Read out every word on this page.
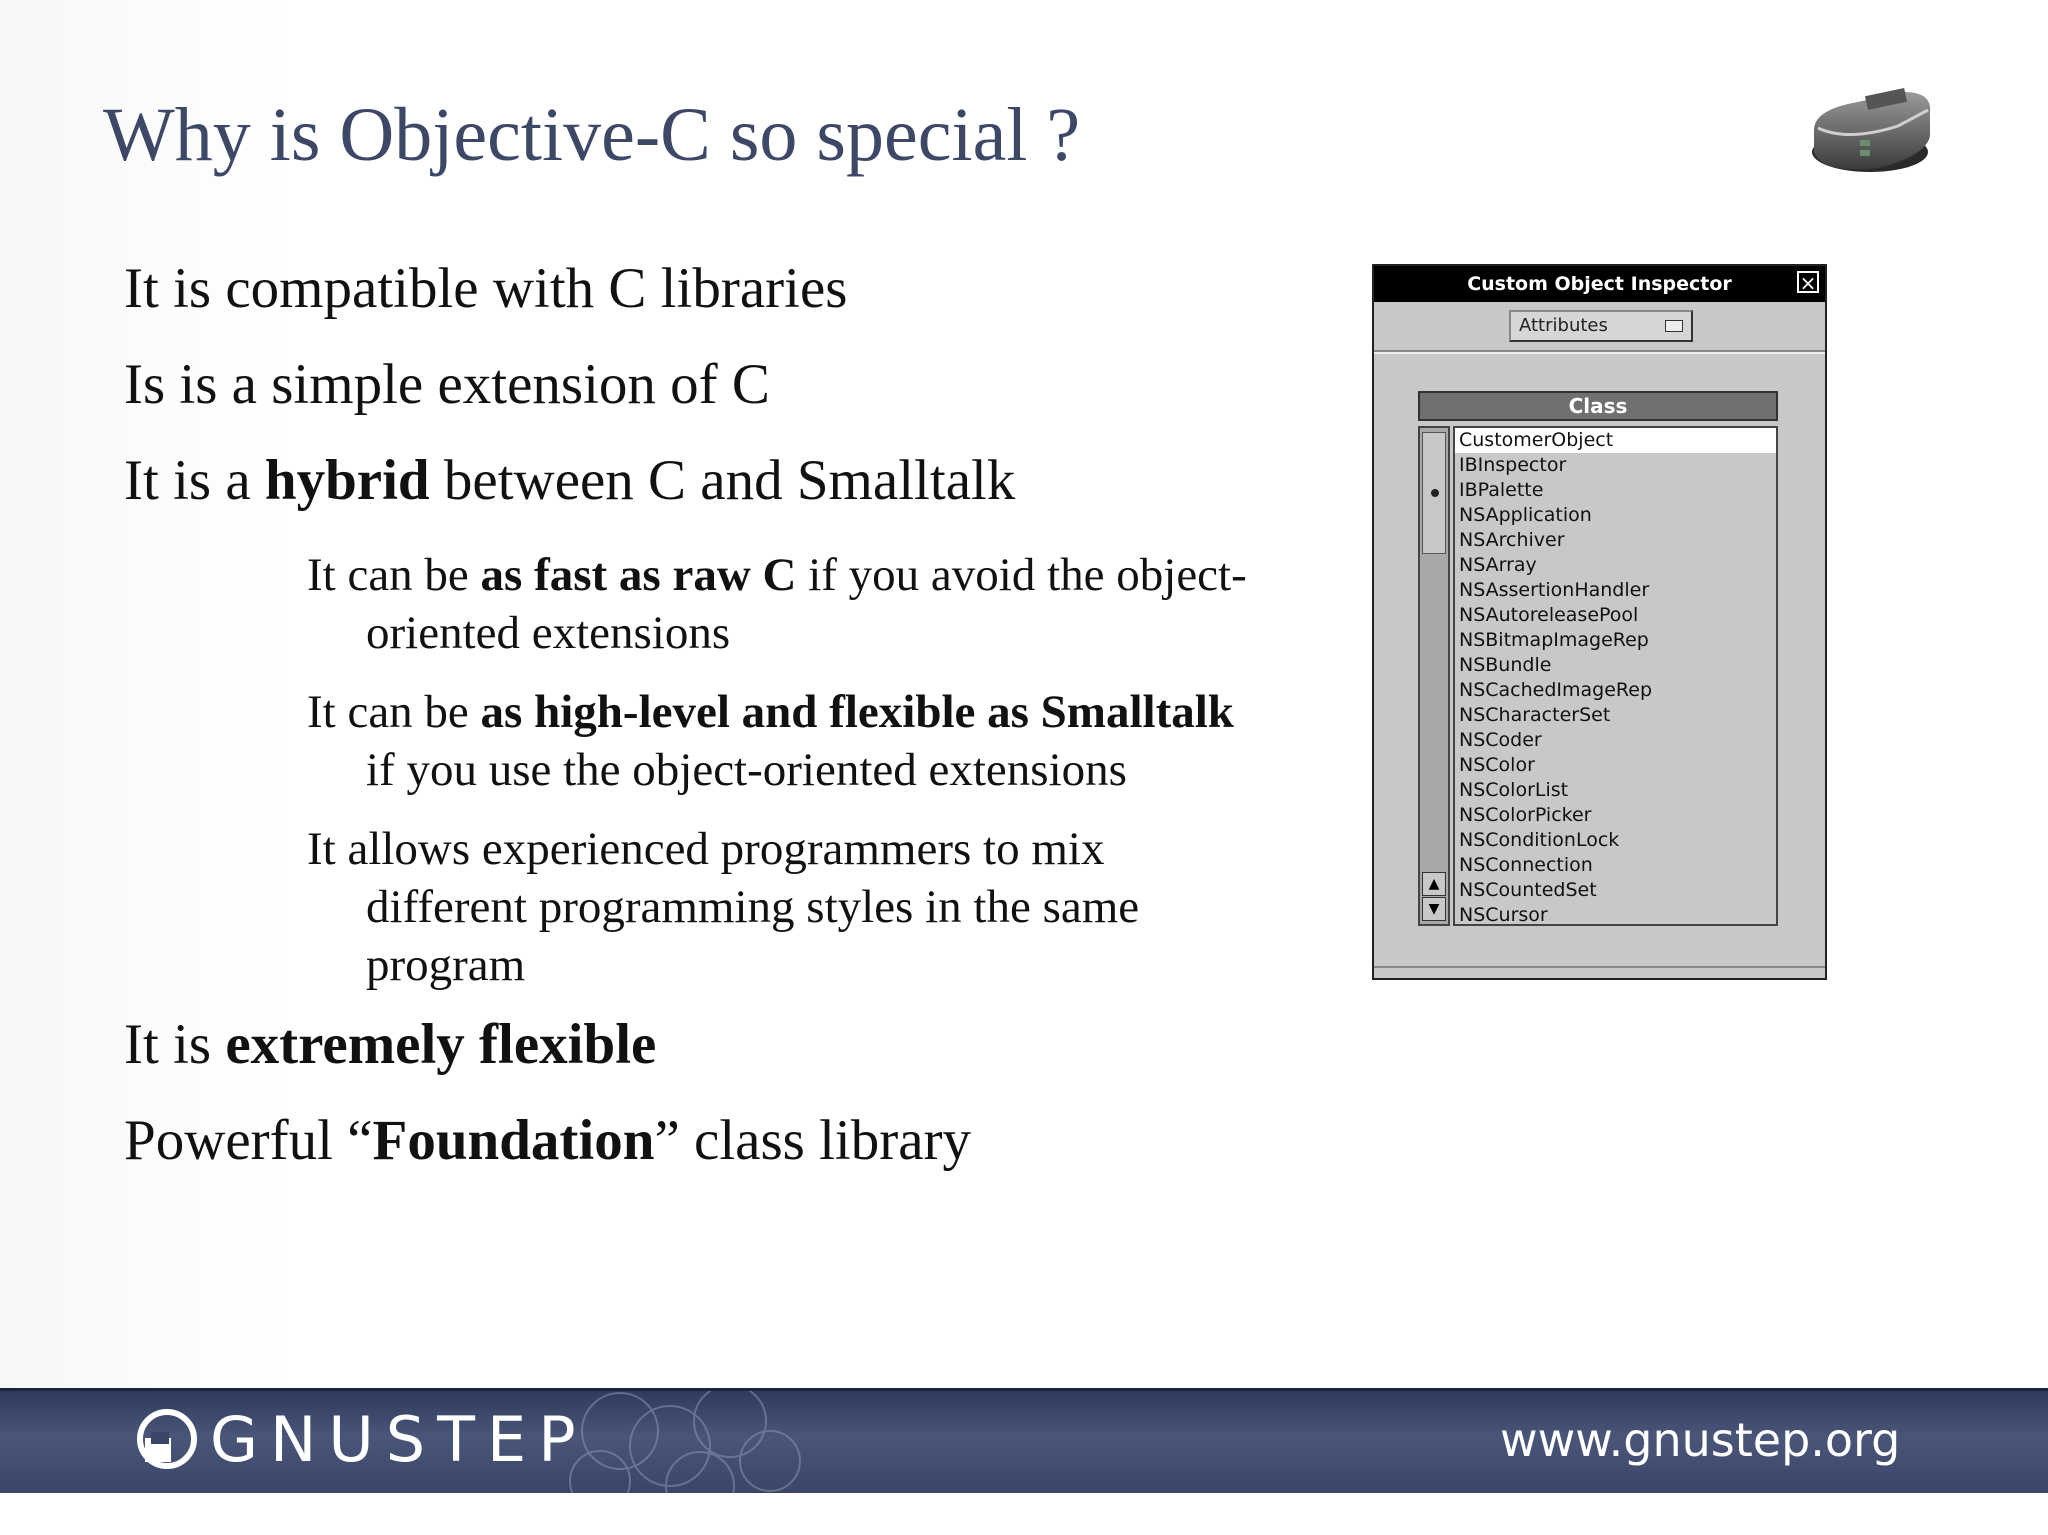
Why is Objective-C so special ?
It is compatible with C libraries
Is is a simple extension of C
It is a hybrid between C and Smalltalk
It can be as fast as raw C if you avoid the object-
oriented extensions
It can be as high-level and flexible as Smalltalk
if you use the object-oriented extensions
It allows experienced programmers to mix
different programming styles in the same
program
It is extremely flexible
Powerful “Foundation” class library
Custom Object Inspector	×
Attributes
Class
▲
▼
CustomerObject
IBInspector
IBPalette
NSApplication
NSArchiver
NSArray
NSAssertionHandler
NSAutoreleasePool
NSBitmapImageRep
NSBundle
NSCachedImageRep
NSCharacterSet
NSCoder
NSColor
NSColorList
NSColorPicker
NSConditionLock
NSConnection
NSCountedSet
NSCursor
GNUSTEP	www.gnustep.org
